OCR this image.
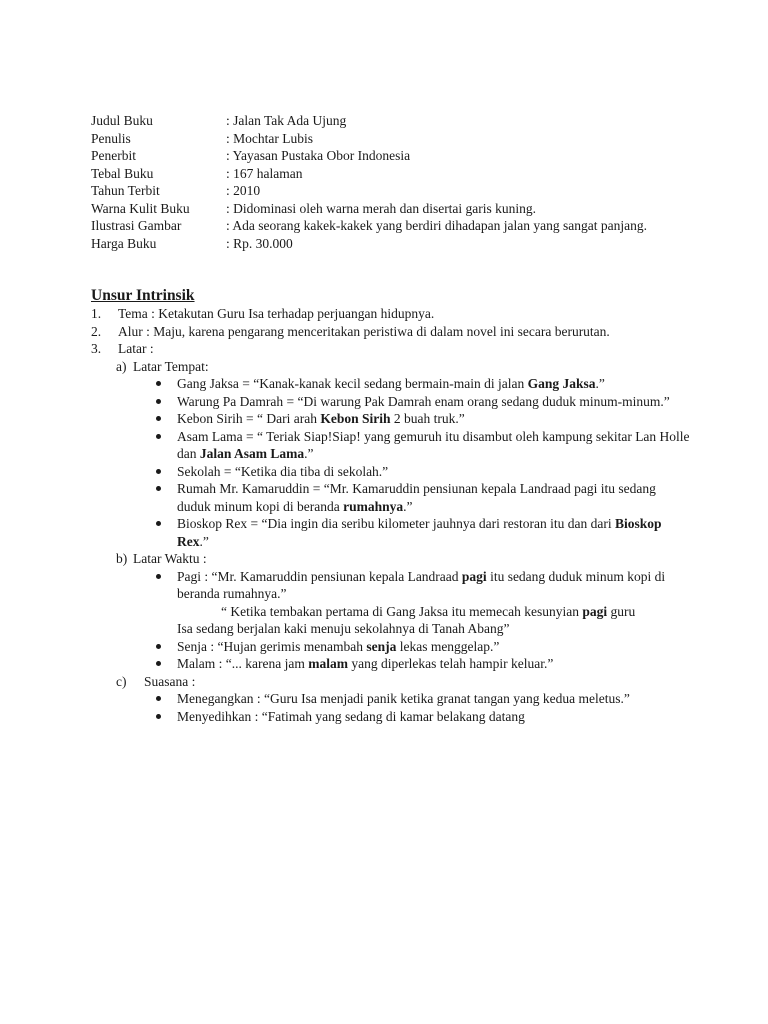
Judul Buku	: Jalan Tak Ada Ujung
Penulis	: Mochtar Lubis
Penerbit	: Yayasan Pustaka Obor Indonesia
Tebal Buku	: 167 halaman
Tahun Terbit	: 2010
Warna Kulit Buku	: Didominasi oleh warna merah dan disertai garis kuning.
Ilustrasi Gambar	: Ada seorang kakek-kakek yang berdiri dihadapan jalan yang sangat panjang.
Harga Buku	: Rp. 30.000
Unsur Intrinsik
1.	Tema : Ketakutan Guru Isa terhadap perjuangan hidupnya.
2.	Alur : Maju, karena pengarang menceritakan peristiwa di dalam novel ini secara berurutan.
3.	Latar :
a) Latar Tempat:
Gang Jaksa = “Kanak-kanak kecil sedang bermain-main di jalan Gang Jaksa.”
Warung Pa Damrah = “Di warung Pak Damrah enam orang sedang duduk minum-minum.”
Kebon Sirih = “ Dari arah Kebon Sirih 2 buah truk.”
Asam Lama = “ Teriak Siap!Siap! yang gemuruh itu disambut oleh kampung sekitar Lan Holle dan Jalan Asam Lama.”
Sekolah = “Ketika dia tiba di sekolah.”
Rumah Mr. Kamaruddin = “Mr. Kamaruddin pensiunan kepala Landraad pagi itu sedang duduk minum kopi di beranda rumahnya.”
Bioskop Rex = “Dia ingin dia seribu kilometer jauhnya dari restoran itu dan dari Bioskop Rex.”
b) Latar Waktu :
Pagi : “Mr. Kamaruddin pensiunan kepala Landraad pagi itu sedang duduk minum kopi di beranda rumahnya.”
“ Ketika tembakan pertama di Gang Jaksa itu memecah kesunyian pagi guru
Isa sedang berjalan kaki menuju sekolahnya di Tanah Abang”
Senja : “Hujan gerimis menambah senja lekas menggelap.”
Malam : “... karena jam malam yang diperlekas telah hampir keluar.”
c)	Suasana :
Menegangkan : “Guru Isa menjadi panik ketika granat tangan yang kedua meletus.”
Menyedihkan : “Fatimah yang sedang di kamar belakang datang
